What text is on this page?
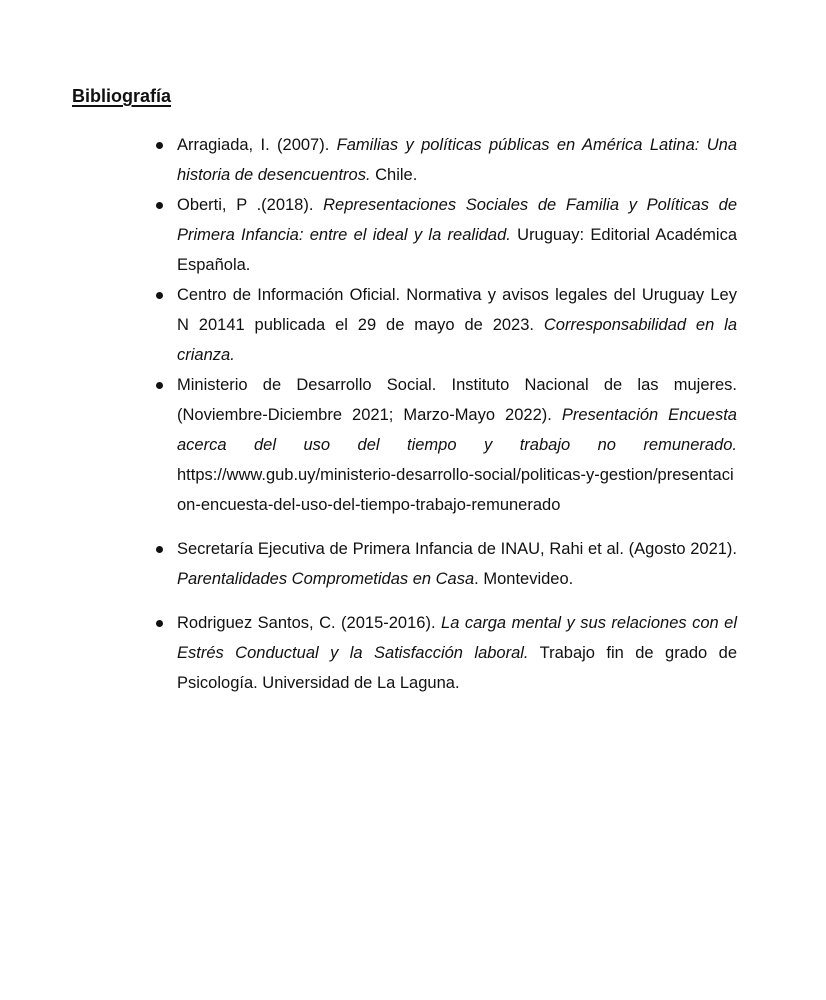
Bibliografía
Arragiada, I. (2007). Familias y políticas públicas en América Latina: Una historia de desencuentros. Chile.
Oberti, P .(2018). Representaciones Sociales de Familia y Políticas de Primera Infancia: entre el ideal y la realidad. Uruguay: Editorial Académica Española.
Centro de Información Oficial. Normativa y avisos legales del Uruguay Ley N 20141 publicada el 29 de mayo de 2023. Corresponsabilidad en la crianza.
Ministerio de Desarrollo Social. Instituto Nacional de las mujeres. (Noviembre-Diciembre 2021; Marzo-Mayo 2022). Presentación Encuesta acerca del uso del tiempo y trabajo no remunerado.https://www.gub.uy/ministerio-desarrollo-social/politicas-y-gestion/presentacion-encuesta-del-uso-del-tiempo-trabajo-remunerado
Secretaría Ejecutiva de Primera Infancia de INAU, Rahi et al. (Agosto 2021). Parentalidades Comprometidas en Casa. Montevideo.
Rodriguez Santos, C. (2015-2016). La carga mental y sus relaciones con el Estrés Conductual y la Satisfacción laboral. Trabajo fin de grado de Psicología. Universidad de La Laguna.
